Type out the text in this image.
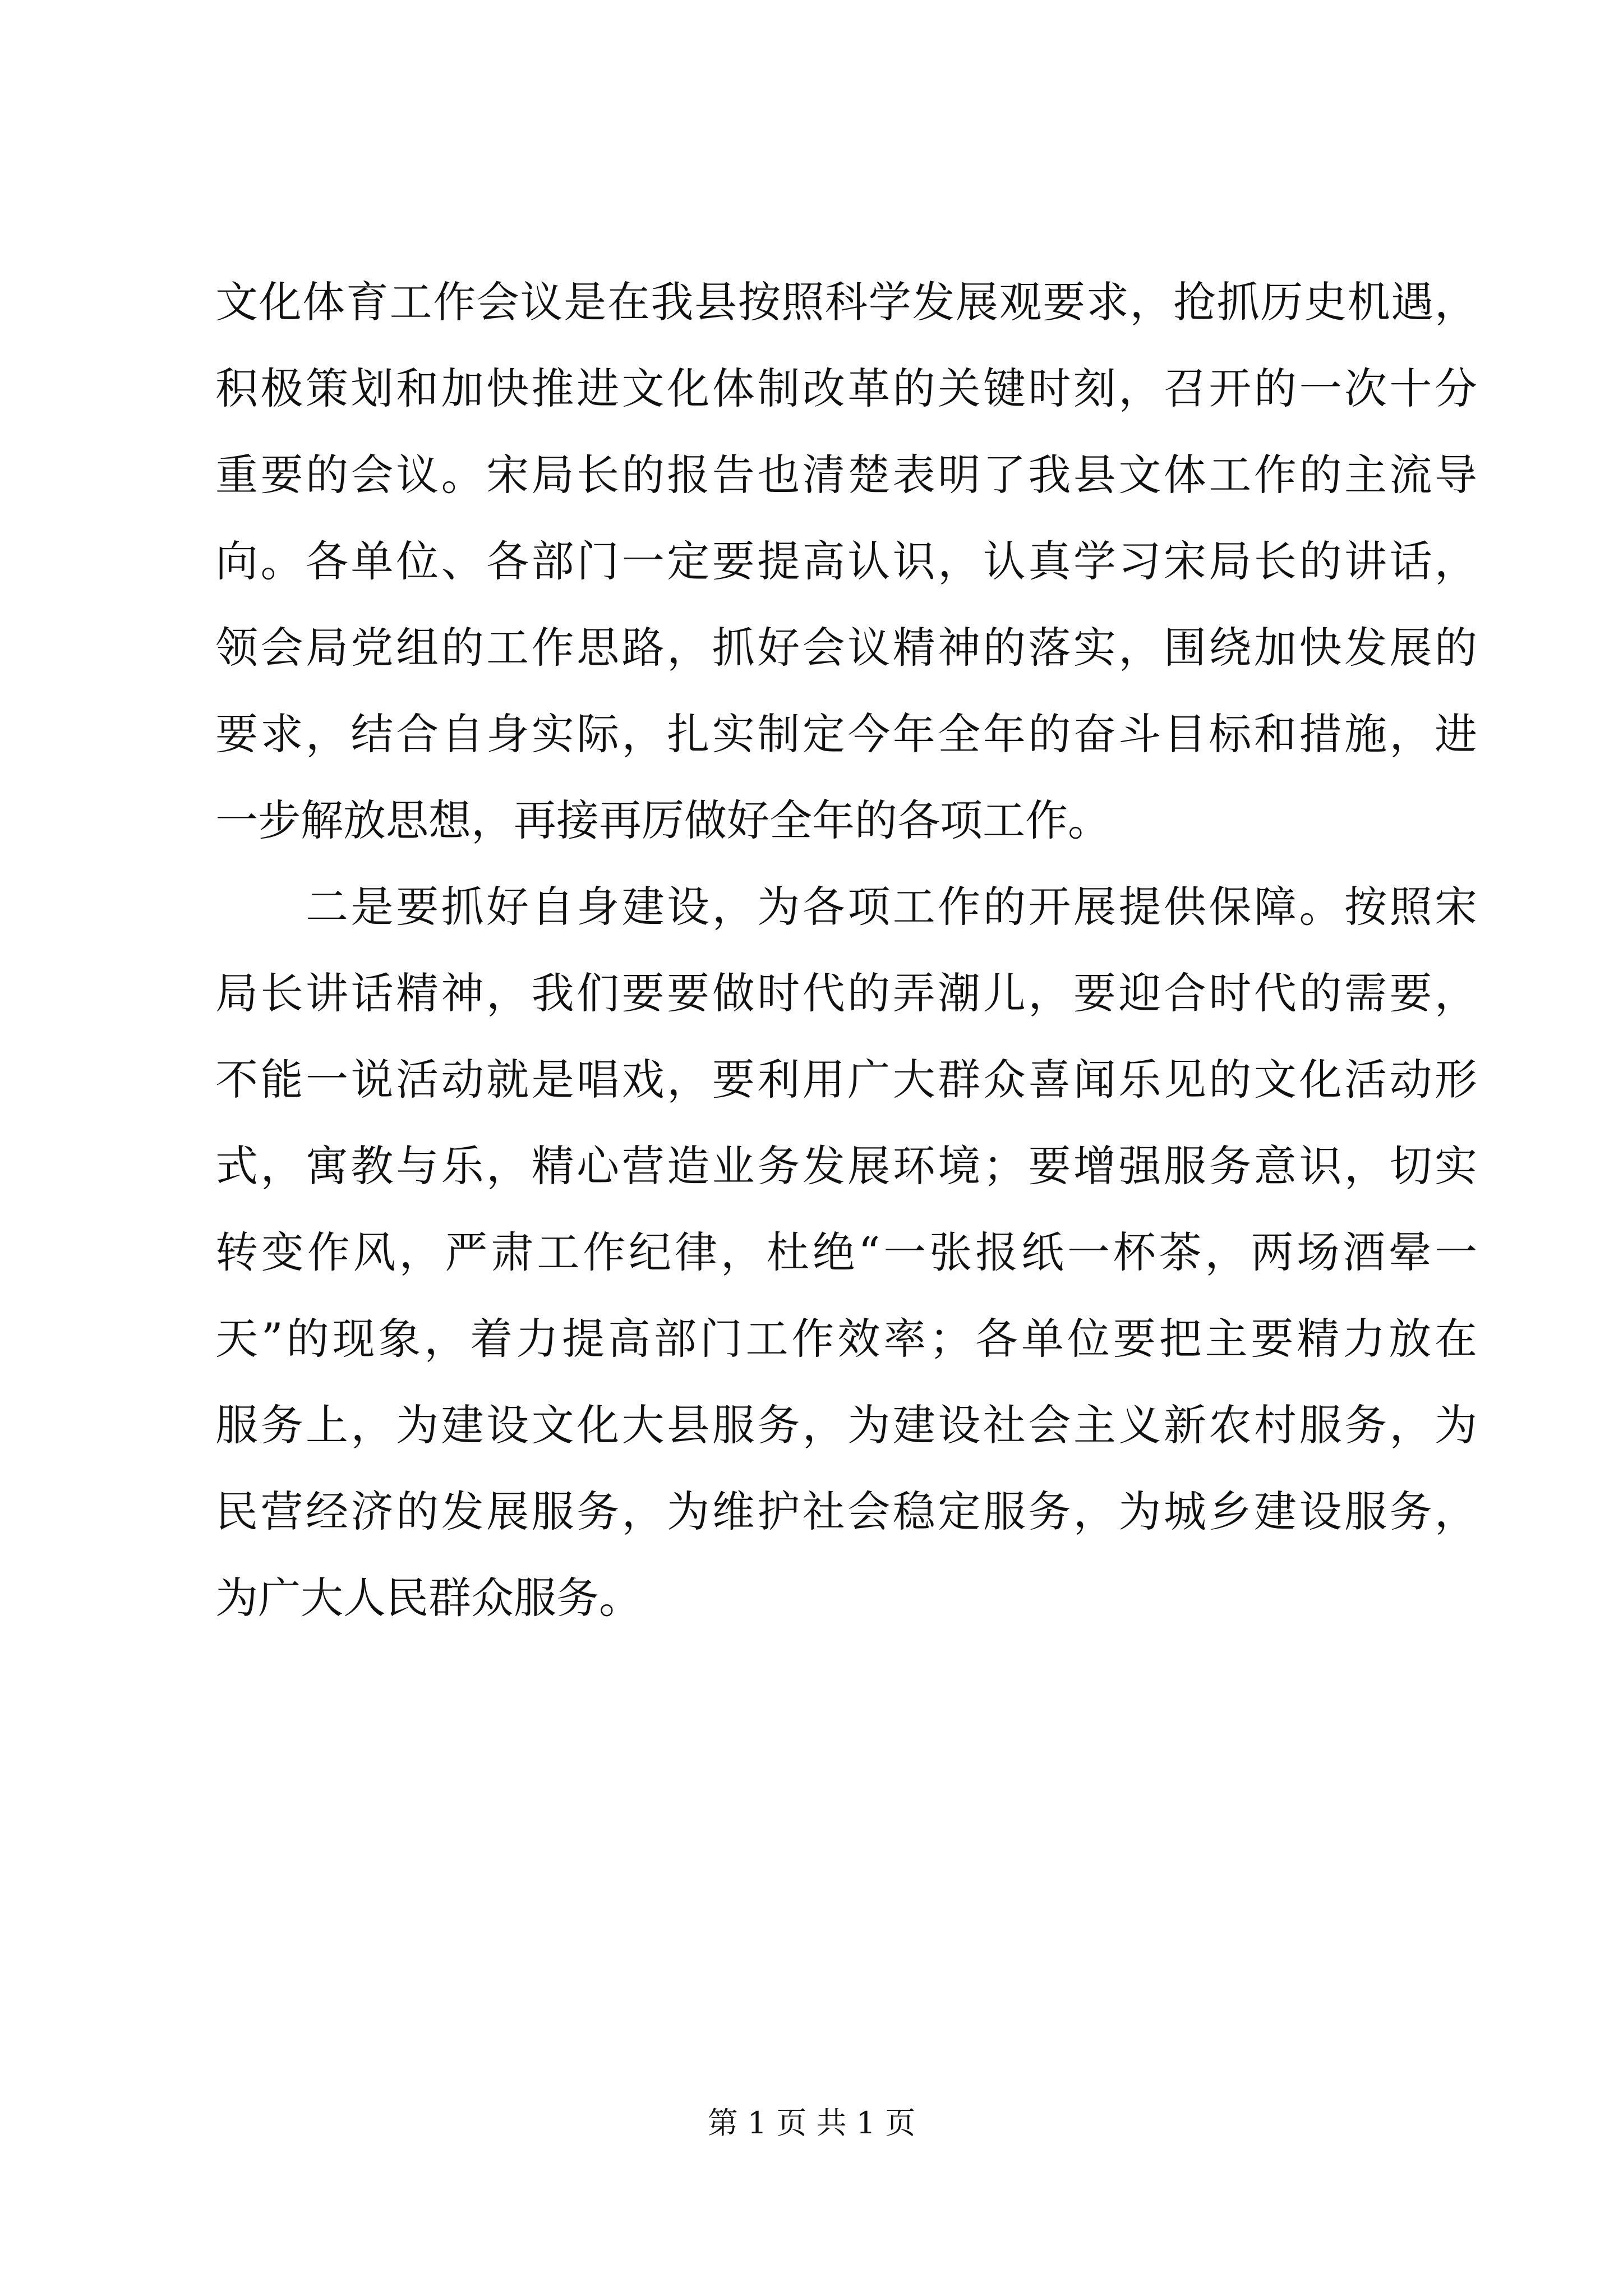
文化体育工作会议是在我县按照科学发展观要求，抢抓历史机遇，
积极策划和加快推进文化体制改革的关键时刻，召开的一次十分
重要的会议。宋局长的报告也清楚表明了我县文体工作的主流导
向。各单位、各部门一定要提高认识，认真学习宋局长的讲话，
领会局党组的工作思路，抓好会议精神的落实，围绕加快发展的
要求，结合自身实际，扎实制定今年全年的奋斗目标和措施，进
一步解放思想，再接再厉做好全年的各项工作。
　　二是要抓好自身建设，为各项工作的开展提供保障。按照宋
局长讲话精神，我们要要做时代的弄潮儿，要迎合时代的需要，
不能一说活动就是唱戏，要利用广大群众喜闻乐见的文化活动形
式，寓教与乐，精心营造业务发展环境；要增强服务意识，切实
转变作风，严肃工作纪律，杜绝“一张报纸一杯茶，两场酒晕一
天”的现象，着力提高部门工作效率；各单位要把主要精力放在
服务上，为建设文化大县服务，为建设社会主义新农村服务，为
民营经济的发展服务，为维护社会稳定服务，为城乡建设服务，
为广大人民群众服务。
第 1 页 共 1 页
